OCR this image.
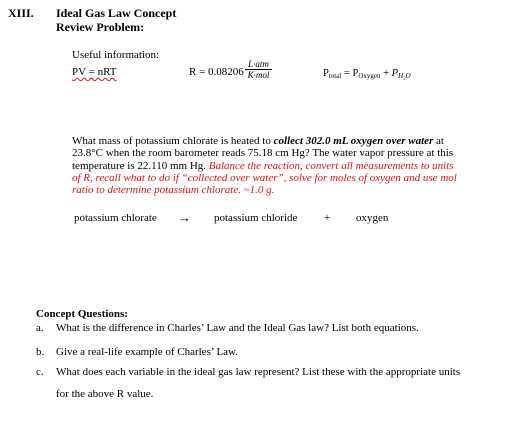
XIII. Ideal Gas Law Concept
Review Problem:
Useful information:
PV = nRT	R = 0.08206
L·atm
K·mol	$P_{total} = P_{Oxygen} + P_{H_2O}$
What mass of potassium chlorate is heated to collect 302.0 mL oxygen over water at
23.8°C when the room barometer reads 75.18 cm Hg? The water vapor pressure at this
temperature is 22.110 mm Hg. Balance the reaction, convert all measurements to units
of R, recall what to do if “collected over water”, solve for moles of oxygen and use mol
ratio to determine potassium chlorate. ~1.0 g.
potassium chlorate → potassium chloride + oxygen
Concept Questions:
a. What is the difference in Charles’ Law and the Ideal Gas law? List both equations.
b. Give a real-life example of Charles’ Law.
c. What does each variable in the ideal gas law represent? List these with the appropriate units
for the above R value.
